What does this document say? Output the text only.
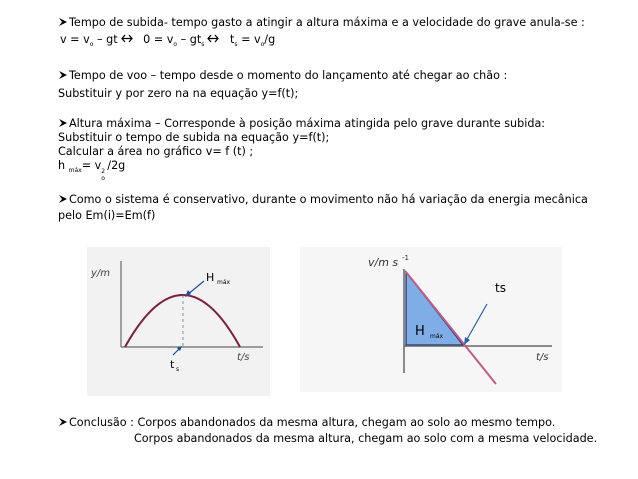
Tempo de subida- tempo gasto a atingir a altura máxima e a velocidade do grave anula-se :
$v = v_o$ – gt $0 = v_o - gt_s$ $t_s = v_o/g$
Tempo de voo – tempo desde o momento do lançamento até chegar ao chão :
Substituir y por zero na na equação y=f(t);
Altura máxima – Corresponde à posição máxima atingida pelo grave durante subida:
Substituir o tempo de subida na equação y=f(t);
Calcular a área no gráfico v= f (t) ;
h $_{máx}$= v 2
o
/2g
Como o sistema é conservativo, durante o movimento não há variação da energia mecânica
pelo Em(i)=Em(f)
y/m
t/s
H máx
t s
v/m s -1
t/s
H máx
ts
Conclusão : Corpos abandonados da mesma altura, chegam ao solo ao mesmo tempo.
Corpos abandonados da mesma altura, chegam ao solo com a mesma velocidade.
